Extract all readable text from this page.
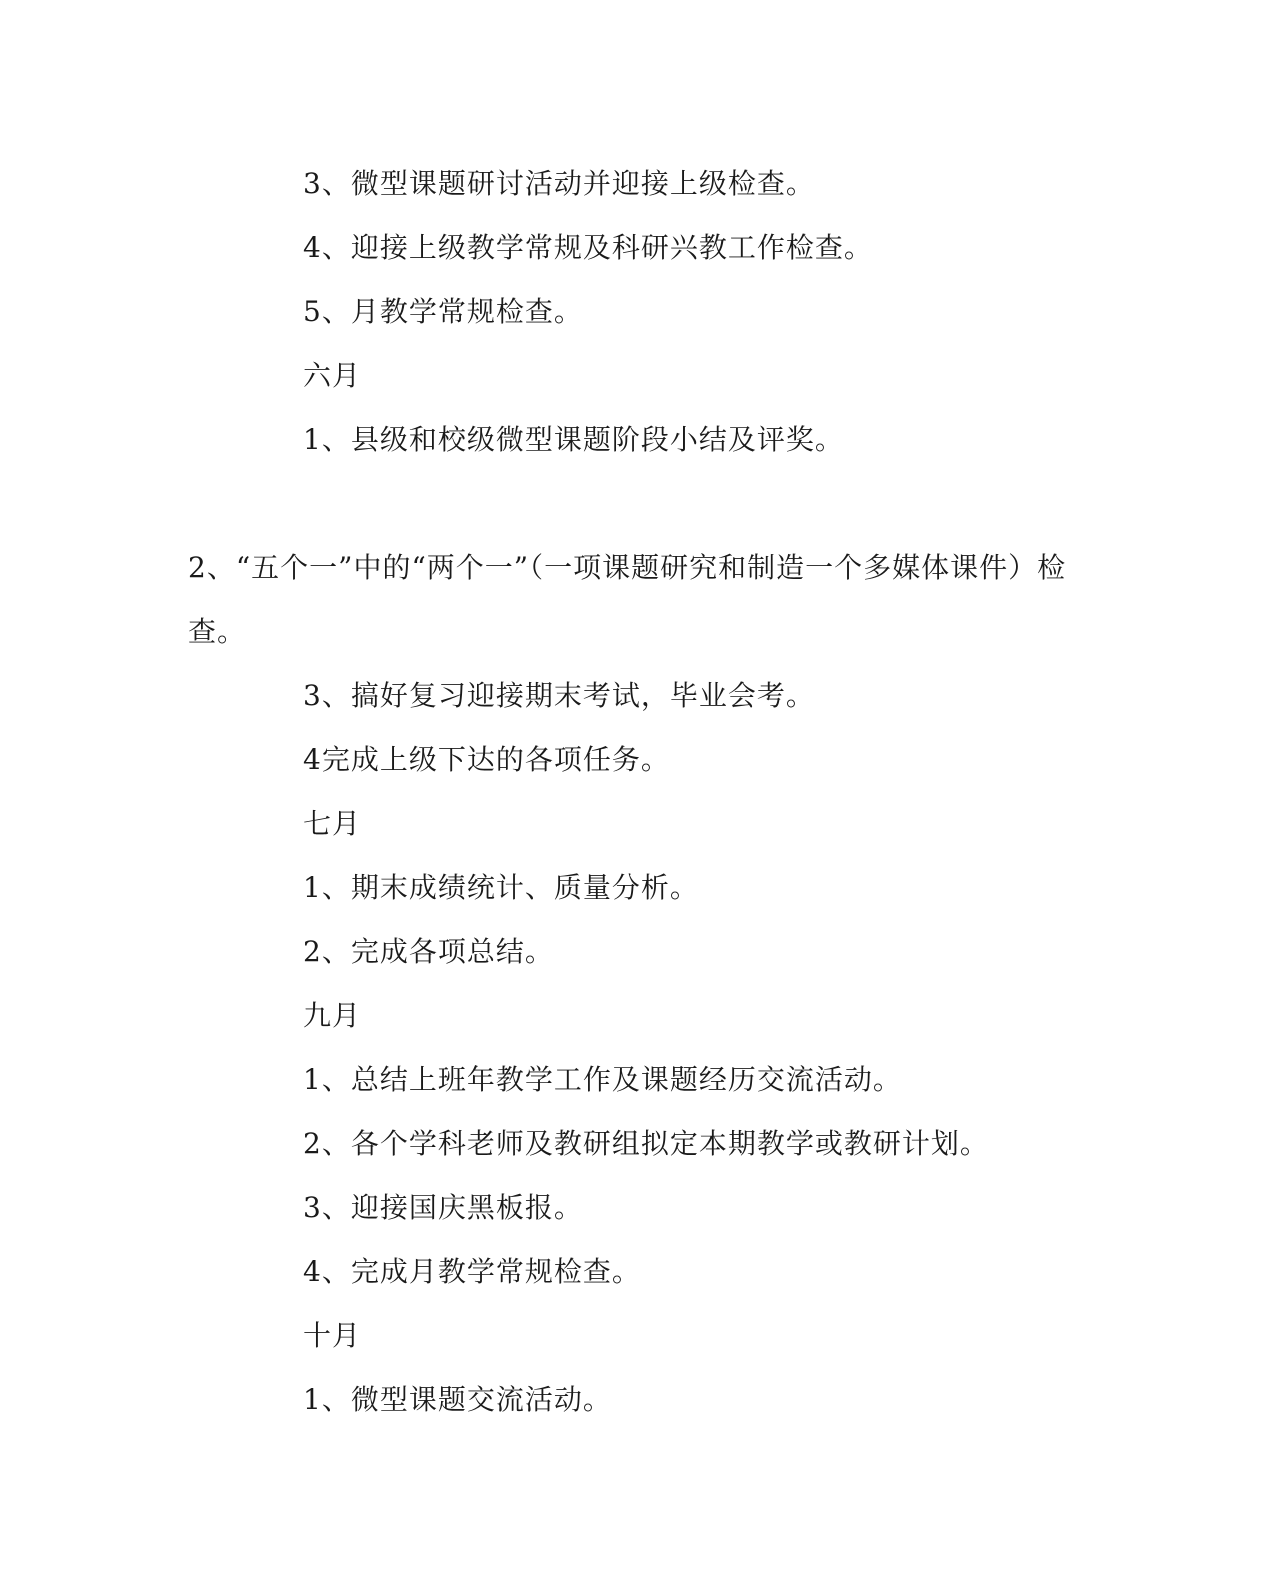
3、微型课题研讨活动并迎接上级检查。
4、迎接上级教学常规及科研兴教工作检查。
5、月教学常规检查。
六月
1、县级和校级微型课题阶段小结及评奖。
2、“五个一”中的“两个一”（一项课题研究和制造一个多媒体课件）检
查。
3、搞好复习迎接期末考试，毕业会考。
4完成上级下达的各项任务。
七月
1、期末成绩统计、质量分析。
2、完成各项总结。
九月
1、总结上班年教学工作及课题经历交流活动。
2、各个学科老师及教研组拟定本期教学或教研计划。
3、迎接国庆黑板报。
4、完成月教学常规检查。
十月
1、微型课题交流活动。
